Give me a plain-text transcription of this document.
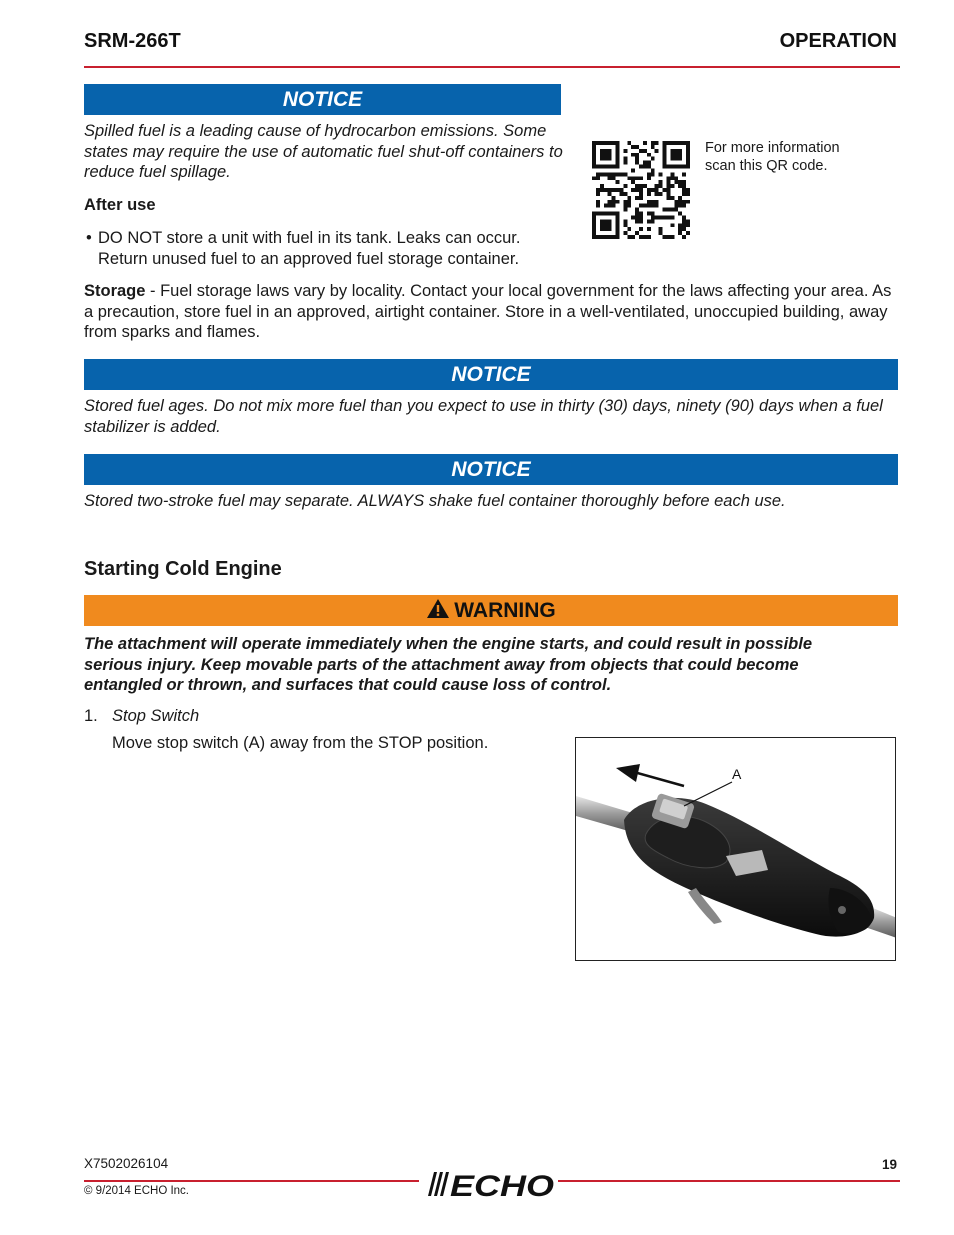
SRM-266T	OPERATION
NOTICE
Spilled fuel is a leading cause of hydrocarbon emissions. Some states may require the use of automatic fuel shut-off containers to reduce fuel spillage.
For more information
scan this QR code.
After use
• DO NOT store a unit with fuel in its tank. Leaks can occur. Return unused fuel to an approved fuel storage container.
Storage - Fuel storage laws vary by locality. Contact your local government for the laws affecting your area. As a precaution, store fuel in an approved, airtight container. Store in a well-ventilated, unoccupied building, away from sparks and flames.
NOTICE
Stored fuel ages. Do not mix more fuel than you expect to use in thirty (30) days, ninety (90) days when a fuel stabilizer is added.
NOTICE
Stored two-stroke fuel may separate. ALWAYS shake fuel container thoroughly before each use.
Starting Cold Engine
WARNING
The attachment will operate immediately when the engine starts, and could result in possible serious injury. Keep movable parts of the attachment away from objects that could become entangled or thrown, and surfaces that could cause loss of control.
1. Stop Switch
Move stop switch (A) away from the STOP position.
A
X7502026104	19
© 9/2014 ECHO Inc.	ECHO
